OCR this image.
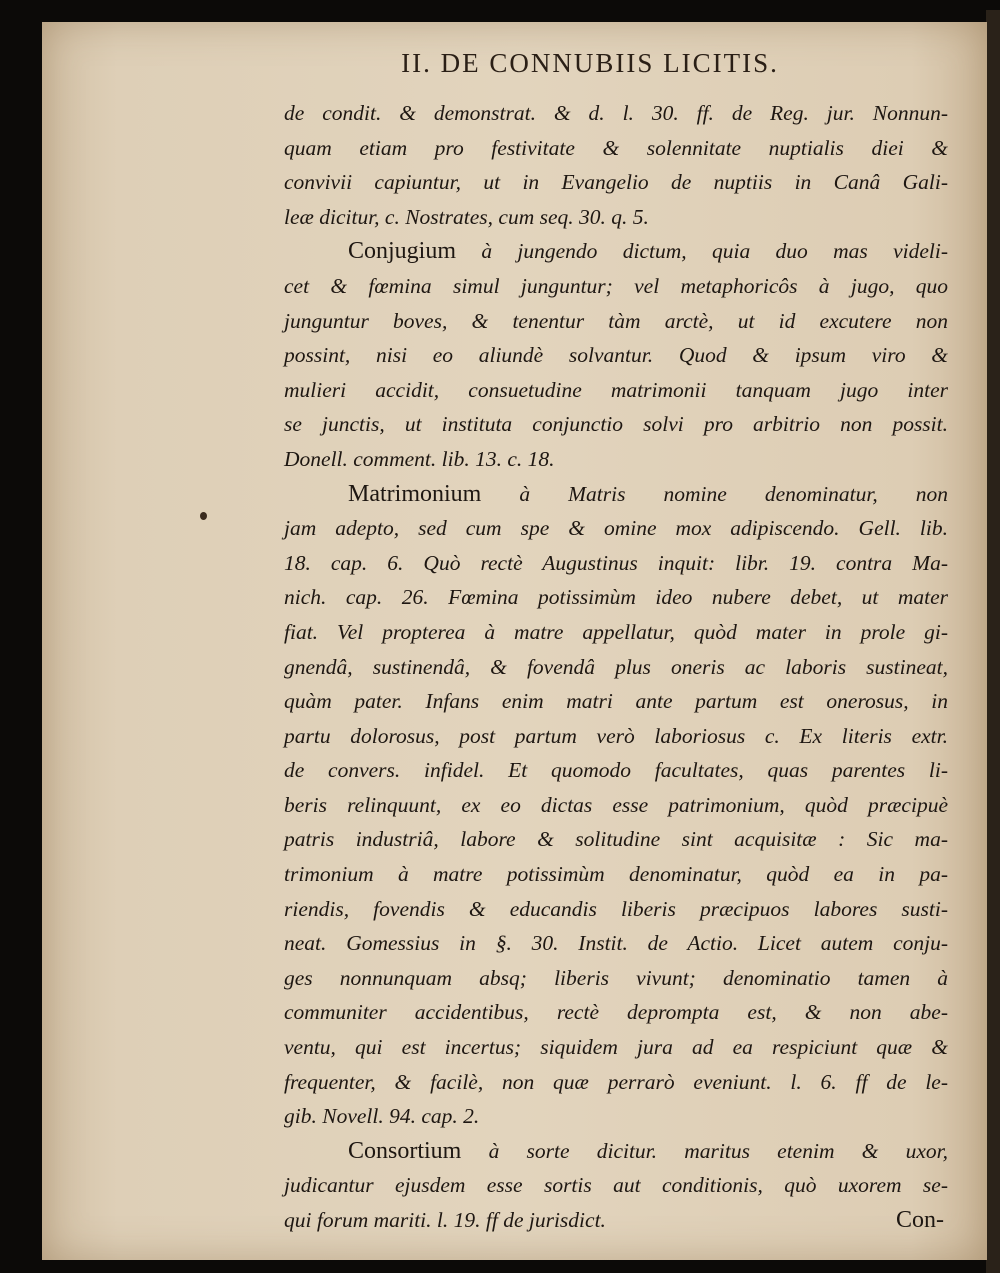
II. DE CONNUBIIS LICITIS.
de condit. & demonstrat. & d. l. 30. ff. de Reg. jur. Nonnun-
quam etiam pro festivitate & solennitate nuptialis diei &
convivii capiuntur, ut in Evangelio de nuptiis in Canâ Gali-
leæ dicitur, c. Nostrates, cum seq. 30. q. 5.
Conjugium à jungendo dictum, quia duo mas videli-
cet & fœmina simul junguntur; vel metaphoricôs à jugo, quo
junguntur boves, & tenentur tàm arctè, ut id excutere non
possint, nisi eo aliundè solvantur. Quod & ipsum viro &
mulieri accidit, consuetudine matrimonii tanquam jugo inter
se junctis, ut instituta conjunctio solvi pro arbitrio non possit.
Donell. comment. lib. 13. c. 18.
Matrimonium à Matris nomine denominatur, non
jam adepto, sed cum spe & omine mox adipiscendo. Gell. lib.
18. cap. 6. Quò rectè Augustinus inquit: libr. 19. contra Ma-
nich. cap. 26. Fœmina potissimùm ideo nubere debet, ut mater
fiat. Vel propterea à matre appellatur, quòd mater in prole gi-
gnendâ, sustinendâ, & fovendâ plus oneris ac laboris sustineat,
quàm pater. Infans enim matri ante partum est onerosus, in
partu dolorosus, post partum verò laboriosus c. Ex literis extr.
de convers. infidel. Et quomodo facultates, quas parentes li-
beris relinquunt, ex eo dictas esse patrimonium, quòd præcipuè
patris industriâ, labore & solitudine sint acquisitæ : Sic ma-
trimonium à matre potissimùm denominatur, quòd ea in pa-
riendis, fovendis & educandis liberis præcipuos labores susti-
neat. Gomessius in §. 30. Instit. de Actio. Licet autem conju-
ges nonnunquam absq; liberis vivunt; denominatio tamen à
communiter accidentibus, rectè deprompta est, & non abe-
ventu, qui est incertus; siquidem jura ad ea respiciunt quæ &
frequenter, & facilè, non quæ perrarò eveniunt. l. 6. ff de le-
gib. Novell. 94. cap. 2.
Consortium à sorte dicitur. maritus etenim & uxor,
judicantur ejusdem esse sortis aut conditionis, quò uxorem se-
qui forum mariti. l. 19. ff de jurisdict.	Con-
